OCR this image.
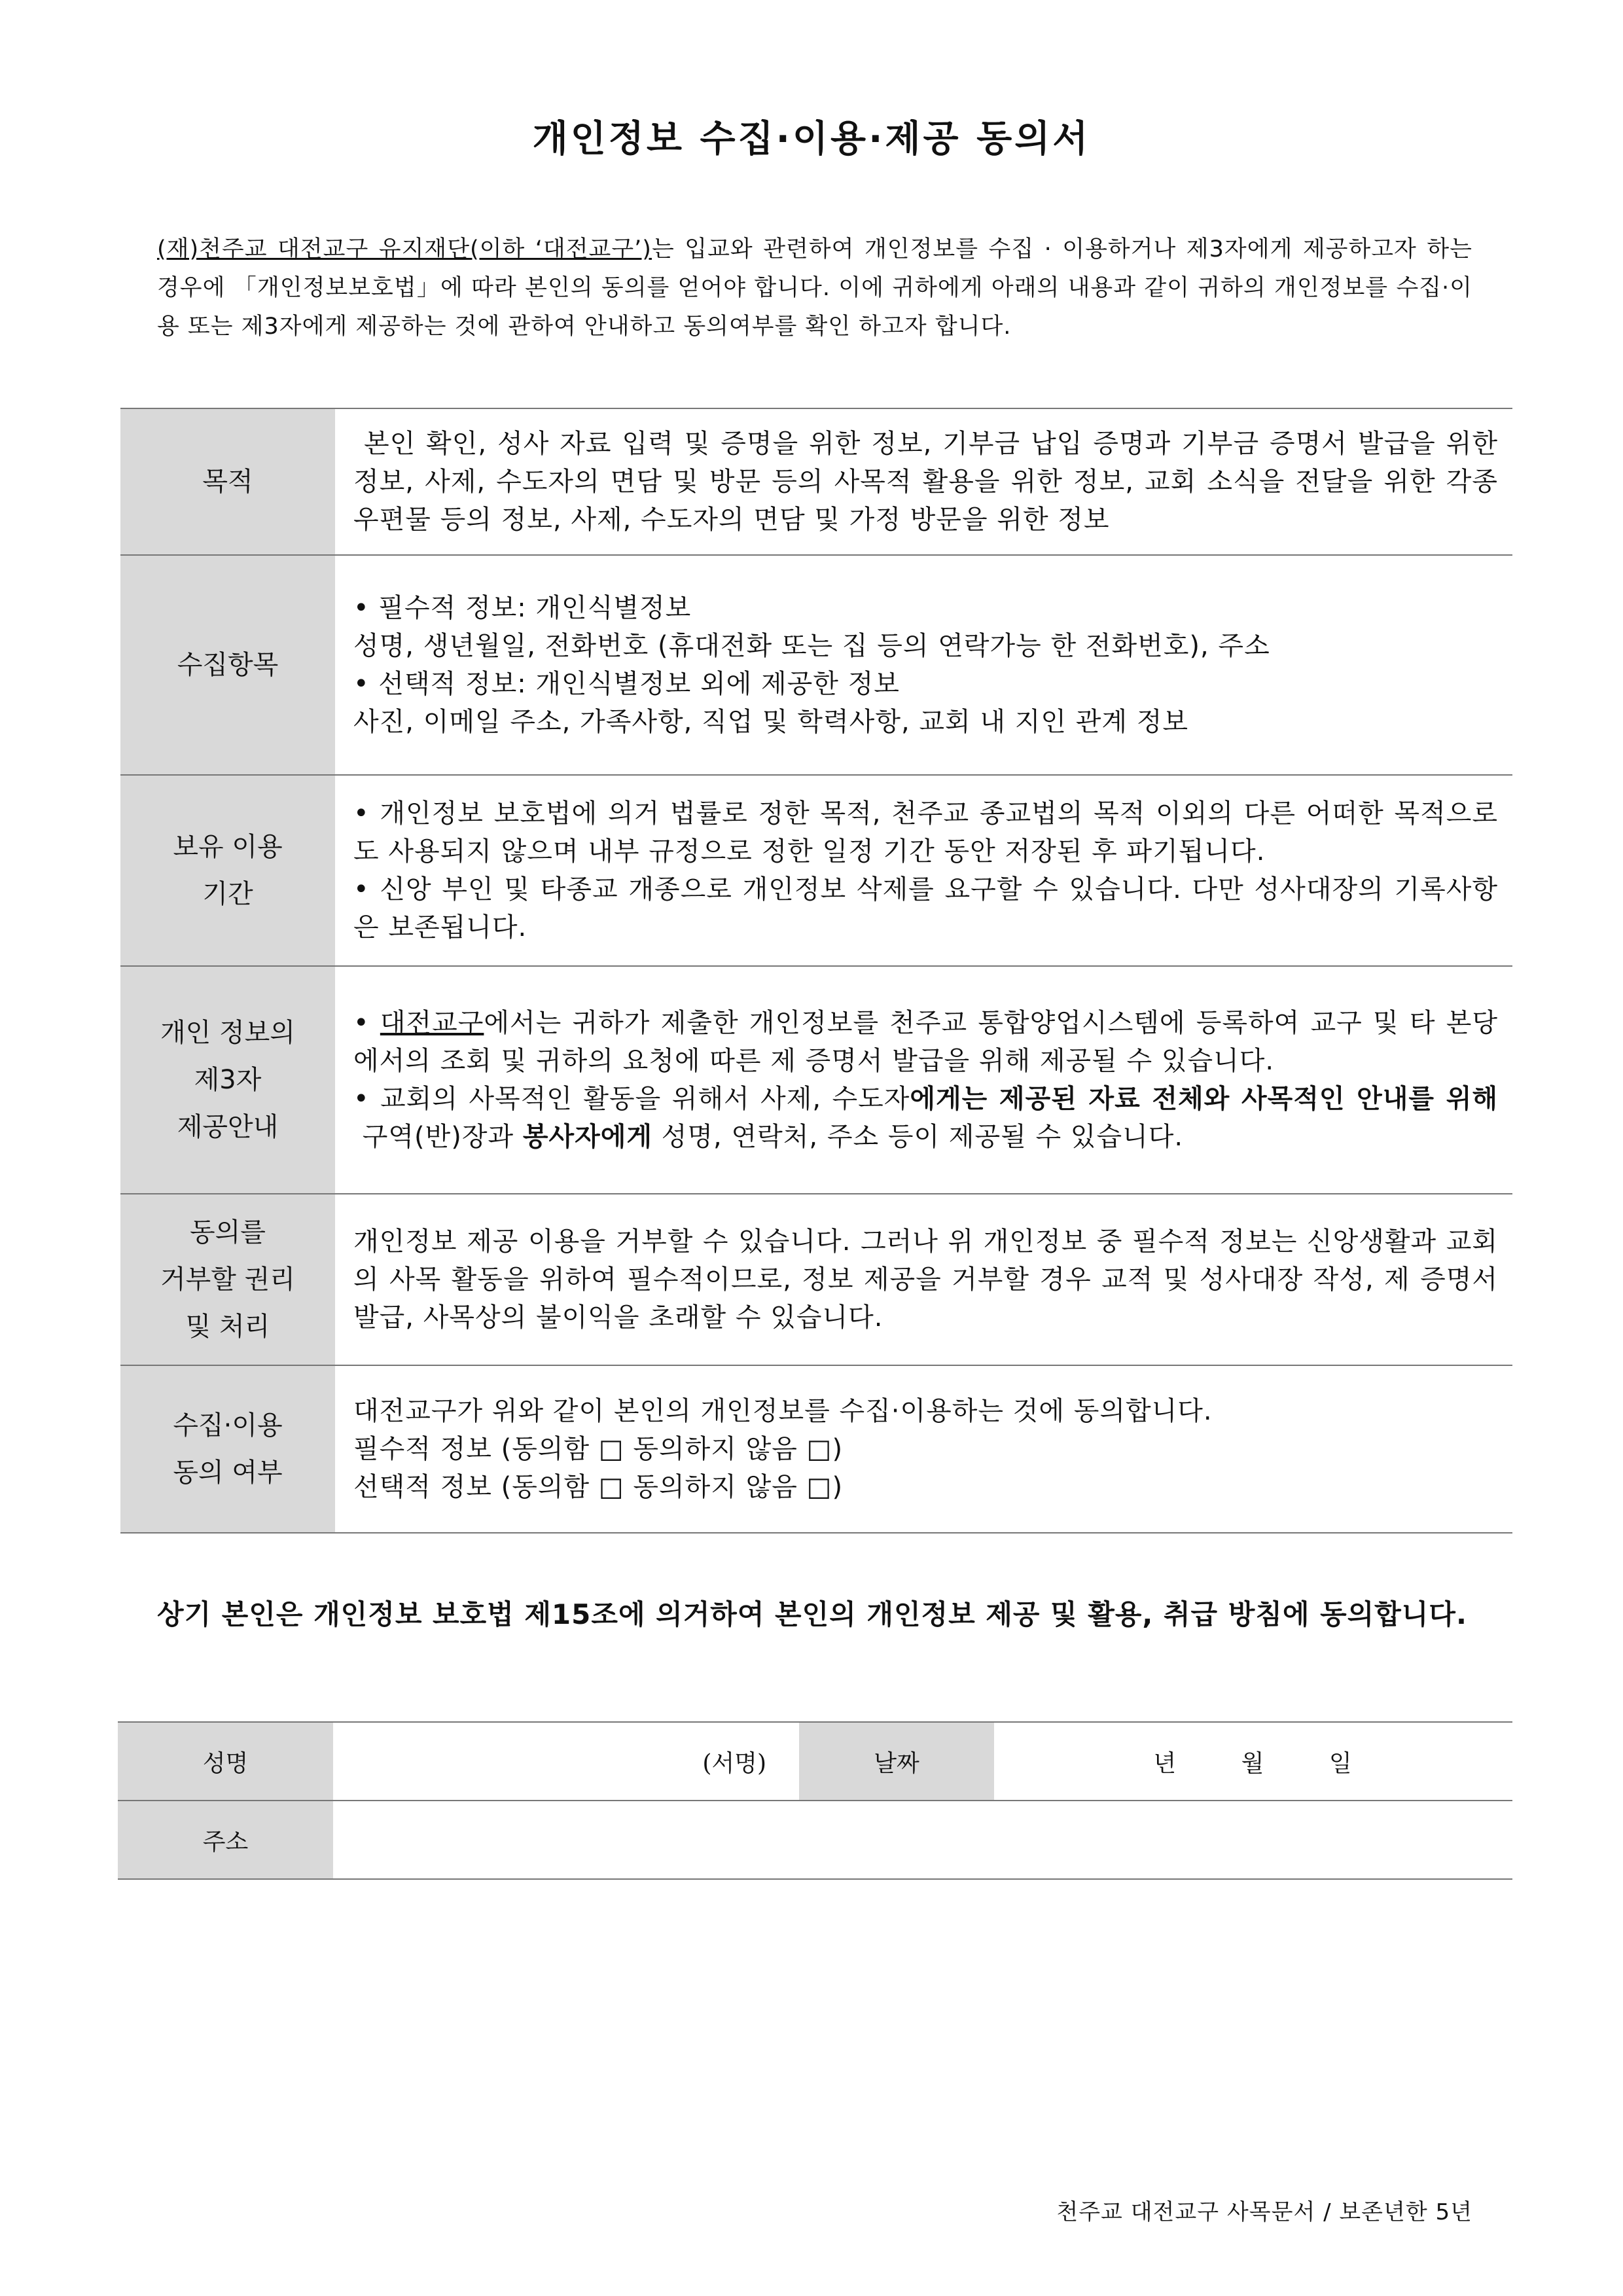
개인정보 수집·이용·제공 동의서
(재)천주교 대전교구 유지재단(이하 ‘대전교구’)는 입교와 관련하여 개인정보를 수집 · 이용하거나 제3자에게 제공하고자 하는 경우에 「개인정보보호법」에 따라 본인의 동의를 얻어야 합니다. 이에 귀하에게 아래의 내용과 같이 귀하의 개인정보를 수집·이용 또는 제3자에게 제공하는 것에 관하여 안내하고 동의여부를 확인 하고자 합니다.
목적	본인 확인, 성사 자료 입력 및 증명을 위한 정보, 기부금 납입 증명과 기부금 증명서 발급을 위한 정보, 사제, 수도자의 면담 및 방문 등의 사목적 활용을 위한 정보, 교회 소식을 전달을 위한 각종 우편물 등의 정보, 사제, 수도자의 면담 및 가정 방문을 위한 정보

수집항목	• 필수적 정보: 개인식별정보
성명, 생년월일, 전화번호 (휴대전화 또는 집 등의 연락가능 한 전화번호), 주소
• 선택적 정보: 개인식별정보 외에 제공한 정보
사진, 이메일 주소, 가족사항, 직업 및 학력사항, 교회 내 지인 관계 정보

보유 이용
기간	• 개인정보 보호법에 의거 법률로 정한 목적, 천주교 종교법의 목적 이외의 다른 어떠한 목적으로도 사용되지 않으며 내부 규정으로 정한 일정 기간 동안 저장된 후 파기됩니다.
• 신앙 부인 및 타종교 개종으로 개인정보 삭제를 요구할 수 있습니다. 다만 성사대장의 기록사항은 보존됩니다.

개인 정보의
제3자
제공안내	• 대전교구에서는 귀하가 제출한 개인정보를 천주교 통합양업시스템에 등록하여 교구 및 타 본당에서의 조회 및 귀하의 요청에 따른 제 증명서 발급을 위해 제공될 수 있습니다.
• 교회의 사목적인 활동을 위해서 사제, 수도자에게는 제공된 자료 전체와 사목적인 안내를 위해 구역(반)장과 봉사자에게 성명, 연락처, 주소 등이 제공될 수 있습니다.

동의를
거부할 권리
및 처리	개인정보 제공 이용을 거부할 수 있습니다. 그러나 위 개인정보 중 필수적 정보는 신앙생활과 교회의 사목 활동을 위하여 필수적이므로, 정보 제공을 거부할 경우 교적 및 성사대장 작성, 제 증명서 발급, 사목상의 불이익을 초래할 수 있습니다.

수집·이용
동의 여부	대전교구가 위와 같이 본인의 개인정보를 수집·이용하는 것에 동의합니다.
필수적 정보 (동의함 □ 동의하지 않음 □)
선택적 정보 (동의함 □ 동의하지 않음 □)
상기 본인은 개인정보 보호법 제15조에 의거하여 본인의 개인정보 제공 및 활용, 취급 방침에 동의합니다.
성명	(서명)	날짜	년 월 일
주소			
천주교 대전교구 사목문서 / 보존년한 5년
